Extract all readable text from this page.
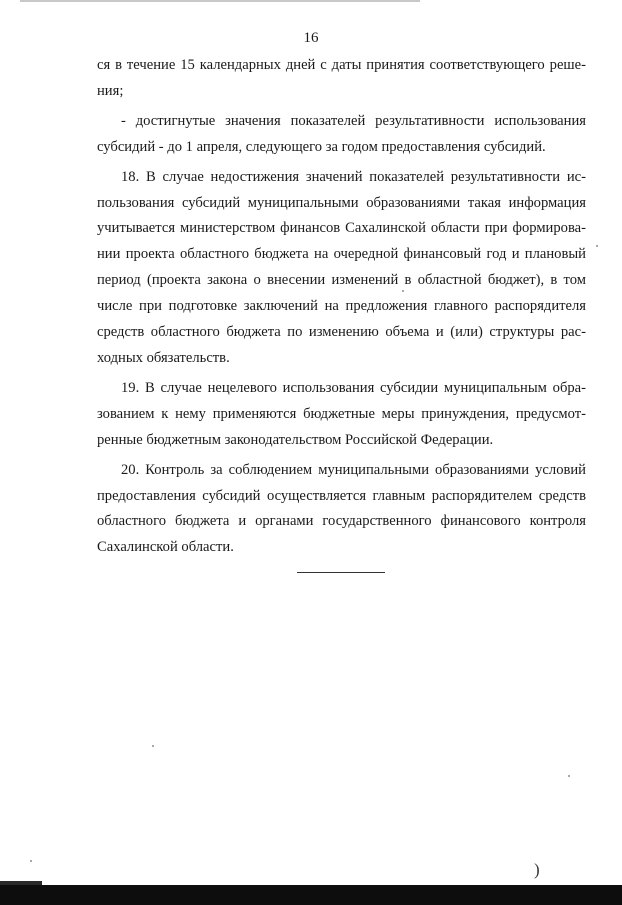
16

ся в течение 15 календарных дней с даты принятия соответствующего реше-ния;

- достигнутые значения показателей результативности использования субсидий - до 1 апреля, следующего за годом предоставления субсидий.

18. В случае недостижения значений показателей результативности ис-пользования субсидий муниципальными образованиями такая информация учитывается министерством финансов Сахалинской области при формирова-нии проекта областного бюджета на очередной финансовый год и плановый период (проекта закона о внесении изменений в областной бюджет), в том числе при подготовке заключений на предложения главного распорядителя средств областного бюджета по изменению объема и (или) структуры рас-ходных обязательств.

19. В случае нецелевого использования субсидии муниципальным обра-зованием к нему применяются бюджетные меры принуждения, предусмот-ренные бюджетным законодательством Российской Федерации.

20. Контроль за соблюдением муниципальными образованиями условий предоставления субсидий осуществляется главным распорядителем средств областного бюджета и органами государственного финансового контроля Сахалинской области.

)
